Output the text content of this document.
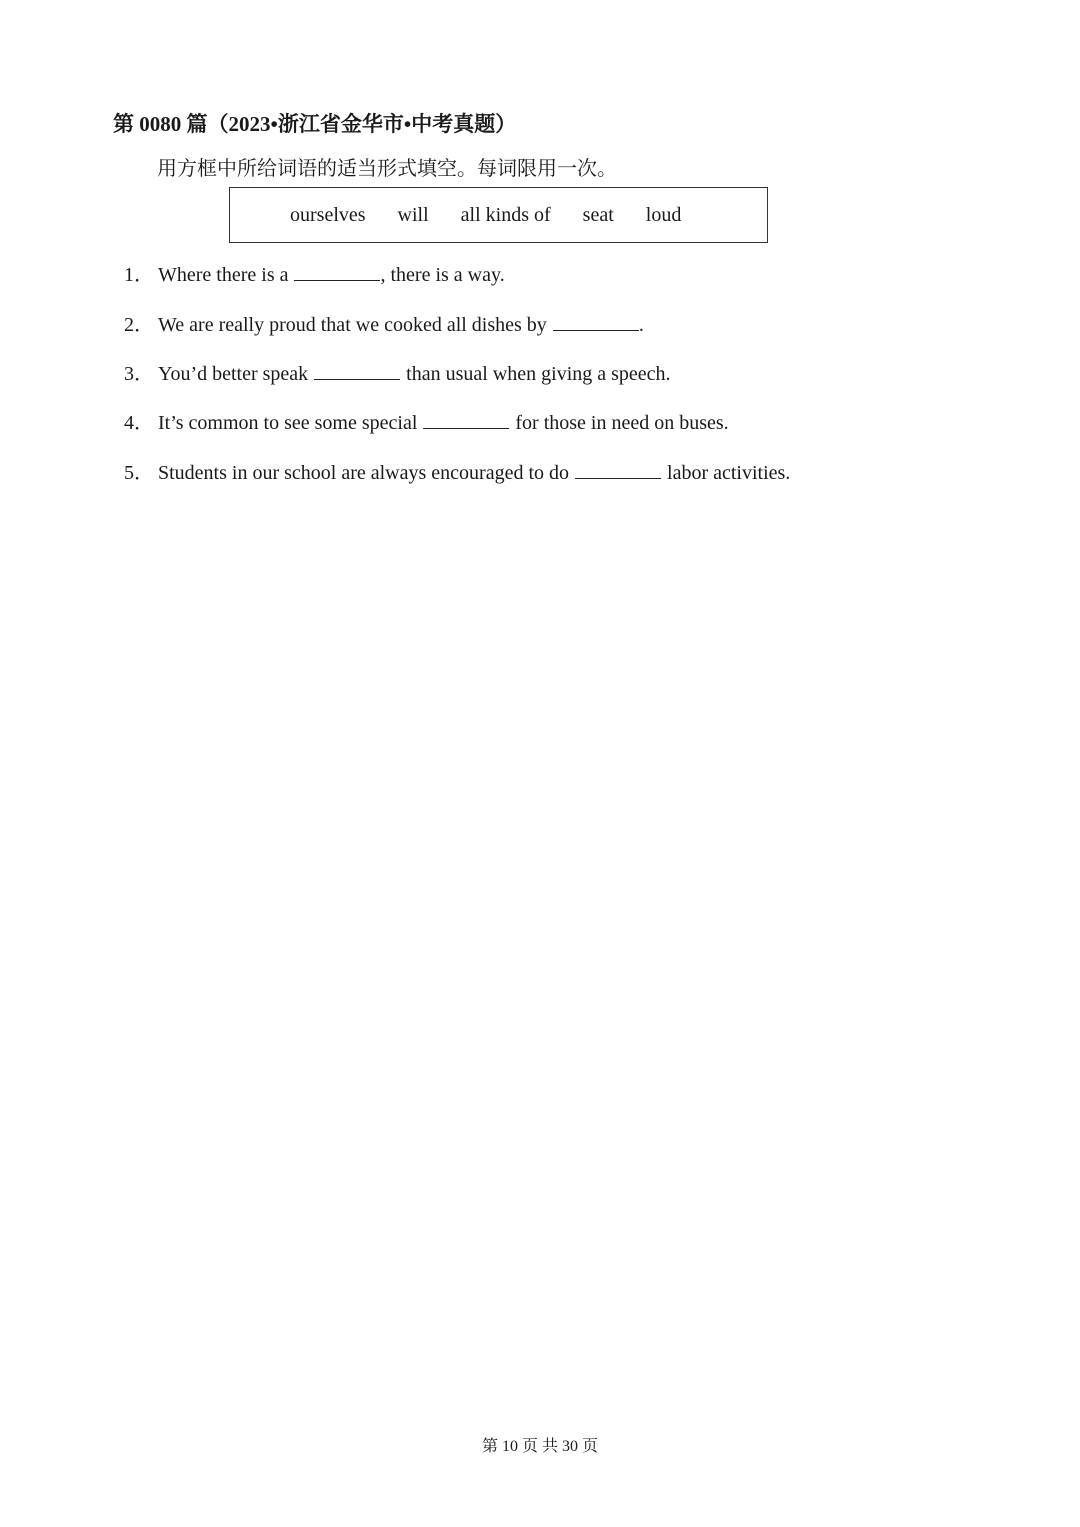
第 0080 篇（2023•浙江省金华市•中考真题）
用方框中所给词语的适当形式填空。每词限用一次。
ourselves will all kinds of seat loud
1． Where there is a	, there is a way.
2． We are really proud that we cooked all dishes by	.
3． You’d better speak	than usual when giving a speech.
4． It’s common to see some special	for those in need on buses.
5． Students in our school are always encouraged to do	labor activities.
第 10 页 共 30 页
